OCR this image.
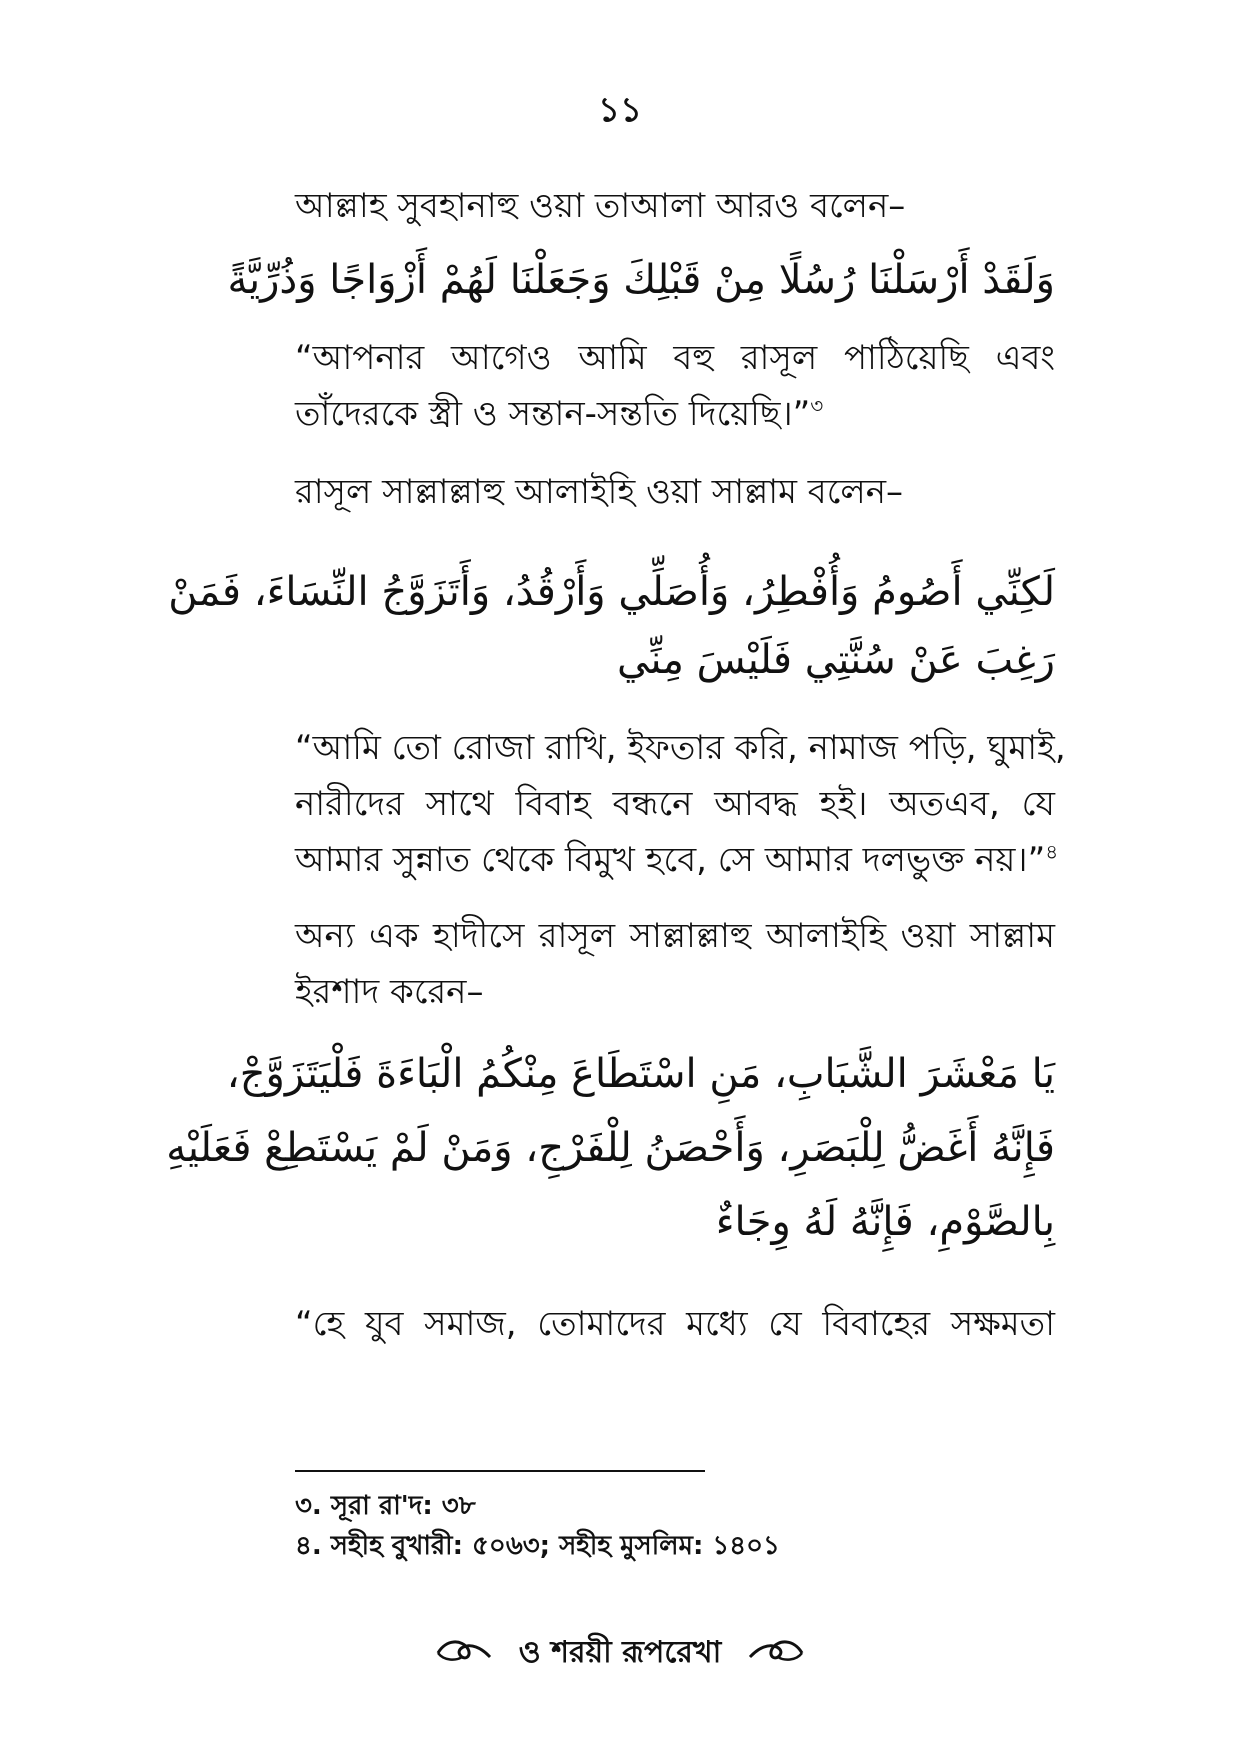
১১

আল্লাহ সুবহানাহু ওয়া তাআলা আরও বলেন–

وَلَقَدْ أَرْسَلْنَا رُسُلًا مِنْ قَبْلِكَ وَجَعَلْنَا لَهُمْ أَزْوَاجًا وَذُرِّيَّةً

“আপনার আগেও আমি বহু রাসূল পাঠিয়েছি এবং

তাঁদেরকে স্ত্রী ও সন্তান-সন্ততি দিয়েছি।”$^৩$

রাসূল সাল্লাল্লাহু আলাইহি ওয়া সাল্লাম বলেন–

لَكِنِّي أَصُومُ وَأُفْطِرُ، وَأُصَلِّي وَأَرْقُدُ، وَأَتَزَوَّجُ النِّسَاءَ، فَمَنْ

رَغِبَ عَنْ سُنَّتِي فَلَيْسَ مِنِّي

“আমি তো রোজা রাখি, ইফতার করি, নামাজ পড়ি, ঘুমাই,

নারীদের সাথে বিবাহ বন্ধনে আবদ্ধ হই। অতএব, যে

আমার সুন্নাত থেকে বিমুখ হবে, সে আমার দলভুক্ত নয়।”$^৪$

অন্য এক হাদীসে রাসূল সাল্লাল্লাহু আলাইহি ওয়া সাল্লাম

ইরশাদ করেন–

يَا مَعْشَرَ الشَّبَابِ، مَنِ اسْتَطَاعَ مِنْكُمُ الْبَاءَةَ فَلْيَتَزَوَّجْ،

فَإِنَّهُ أَغَضُّ لِلْبَصَرِ، وَأَحْصَنُ لِلْفَرْجِ، وَمَنْ لَمْ يَسْتَطِعْ فَعَلَيْهِ

بِالصَّوْمِ، فَإِنَّهُ لَهُ وِجَاءٌ

“হে যুব সমাজ, তোমাদের মধ্যে যে বিবাহের সক্ষমতা

৩. সূরা রা'দ: ৩৮

৪. সহীহ বুখারী: ৫০৬৩; সহীহ মুসলিম: ১৪০১

ও শরয়ী রূপরেখা
